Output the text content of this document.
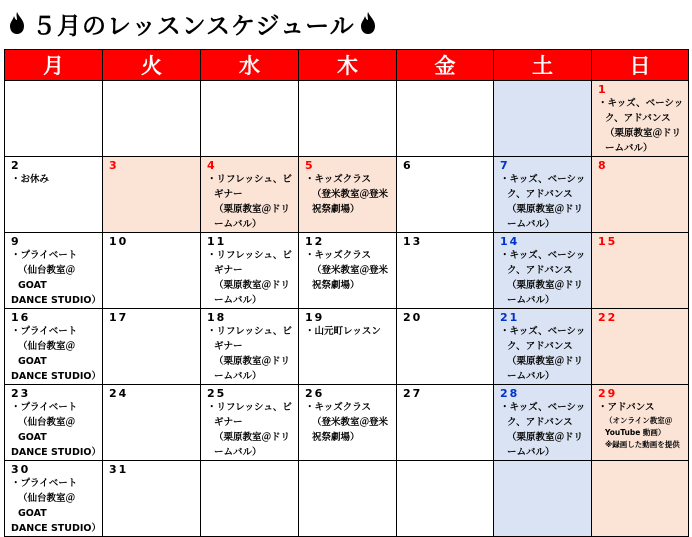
５月のレッスンスケジュール
月	火	水	木	金	土	日

						1
・キッズ、ベーシッ
ク、アドバンス
（栗原教室＠ドリ
ームバル）

2
・お休み	3	4
・リフレッシュ、ビ
ギナー
（栗原教室＠ドリ
ームバル）	5
・キッズクラス
（登米教室＠登米
祝祭劇場）	6	7
・キッズ、ベーシッ
ク、アドバンス
（栗原教室＠ドリ
ームバル）	8

9
・プライベート
（仙台教室＠GOAT
DANCE STUDIO）	10	11
・リフレッシュ、ビ
ギナー
（栗原教室＠ドリ
ームバル）	12
・キッズクラス
（登米教室＠登米
祝祭劇場）	13	14
・キッズ、ベーシッ
ク、アドバンス
（栗原教室＠ドリ
ームバル）	15

16
・プライベート
（仙台教室＠GOAT
DANCE STUDIO）	17	18
・リフレッシュ、ビ
ギナー
（栗原教室＠ドリ
ームバル）	19
・山元町レッスン	20	21
・キッズ、ベーシッ
ク、アドバンス
（栗原教室＠ドリ
ームバル）	22

23
・プライベート
（仙台教室＠GOAT
DANCE STUDIO）	24	25
・リフレッシュ、ビ
ギナー
（栗原教室＠ドリ
ームバル）	26
・キッズクラス
（登米教室＠登米
祝祭劇場）	27	28
・キッズ、ベーシッ
ク、アドバンス
（栗原教室＠ドリ
ームバル）	29
・アドバンス
（オンライン教室＠
YouTube 動画）
※録画した動画を提供

30
・プライベート
（仙台教室＠GOAT
DANCE STUDIO）	31					
